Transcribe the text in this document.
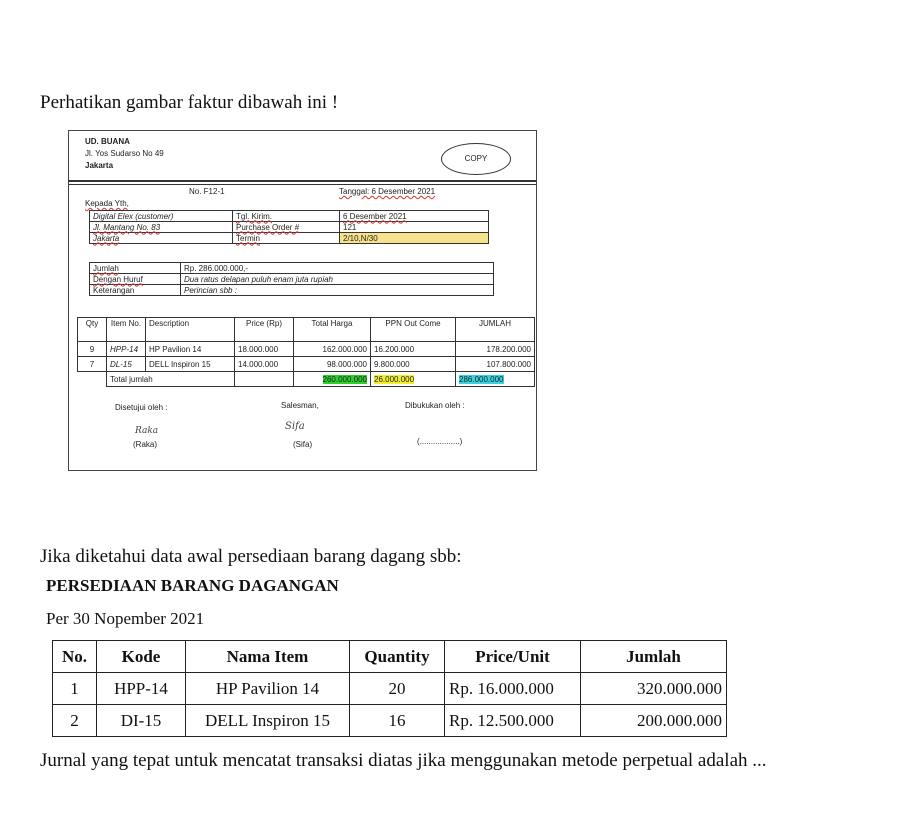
Perhatikan gambar faktur dibawah ini !
UD. BUANA
Jl. Yos Sudarso No 49
Jakarta
COPY
No. F12-1	Tanggal: 6 Desember 2021
Kepada Yth,
Digital Elex (customer)	Tgl. Kirim.	6 Desember 2021
Jl. Mantang No. 83	Purchase Order #	121
Jakarta	Termin	2/10,N/30
Jumlah	Rp. 286.000.000,-
Dengan Huruf	Dua ratus delapan puluh enam juta rupiah
Keterangan	Perincian sbb :
Qty	Item No.	Description	Price (Rp)	Total Harga	PPN Out Come	JUMLAH
9	HPP-14	HP Pavilion 14	18.000.000	162.000.000	16.200.000	178.200.000
7	DL-15	DELL Inspiron 15	14.000.000	98.000.000	9.800.000	107.800.000
	Total jumlah			260.000.000	26.000.000	286.000.000
Disetujui oleh :	Salesman,	Dibukukan oleh :
Raka	Sifa
(Raka)	(Sifa)	(..................)
Jika diketahui data awal persediaan barang dagang sbb:
PERSEDIAAN BARANG DAGANGAN
Per 30 Nopember 2021
No.	Kode	Nama Item	Quantity	Price/Unit	Jumlah
1	HPP-14	HP Pavilion 14	20	Rp. 16.000.000	320.000.000
2	DI-15	DELL Inspiron 15	16	Rp. 12.500.000	200.000.000
Jurnal yang tepat untuk mencatat transaksi diatas jika menggunakan metode perpetual adalah ...
